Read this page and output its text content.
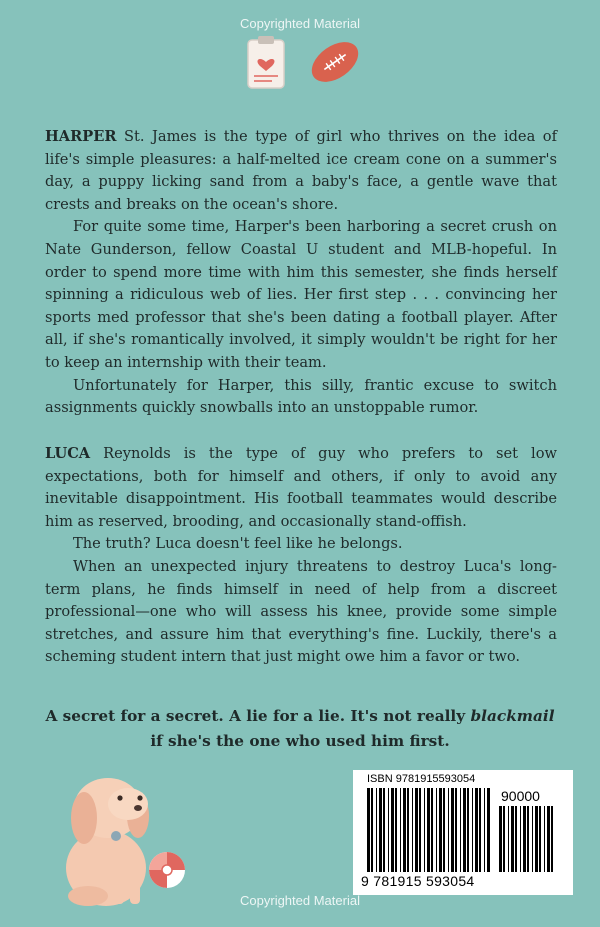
Copyrighted Material

HARPER St. James is the type of girl who thrives on the idea of life's simple pleasures: a half-melted ice cream cone on a summer's day, a puppy licking sand from a baby's face, a gentle wave that crests and breaks on the ocean's shore.

For quite some time, Harper's been harboring a secret crush on Nate Gunderson, fellow Coastal U student and MLB-hopeful. In order to spend more time with him this semester, she finds herself spinning a ridiculous web of lies. Her first step . . . convincing her sports med professor that she's been dating a football player. After all, if she's romantically involved, it simply wouldn't be right for her to keep an internship with their team.

Unfortunately for Harper, this silly, frantic excuse to switch assignments quickly snowballs into an unstoppable rumor.

LUCA Reynolds is the type of guy who prefers to set low expectations, both for himself and others, if only to avoid any inevitable disappointment. His football teammates would describe him as reserved, brooding, and occasionally stand-offish.

The truth? Luca doesn't feel like he belongs.

When an unexpected injury threatens to destroy Luca's long-term plans, he finds himself in need of help from a discreet professional—one who will assess his knee, provide some simple stretches, and assure him that everything's fine. Luckily, there's a scheming student intern that just might owe him a favor or two.

A secret for a secret. A lie for a lie. It's not really blackmail if she's the one who used him first.
ISBN 9781915593054
90000
9 781915 593054
Copyrighted Material
